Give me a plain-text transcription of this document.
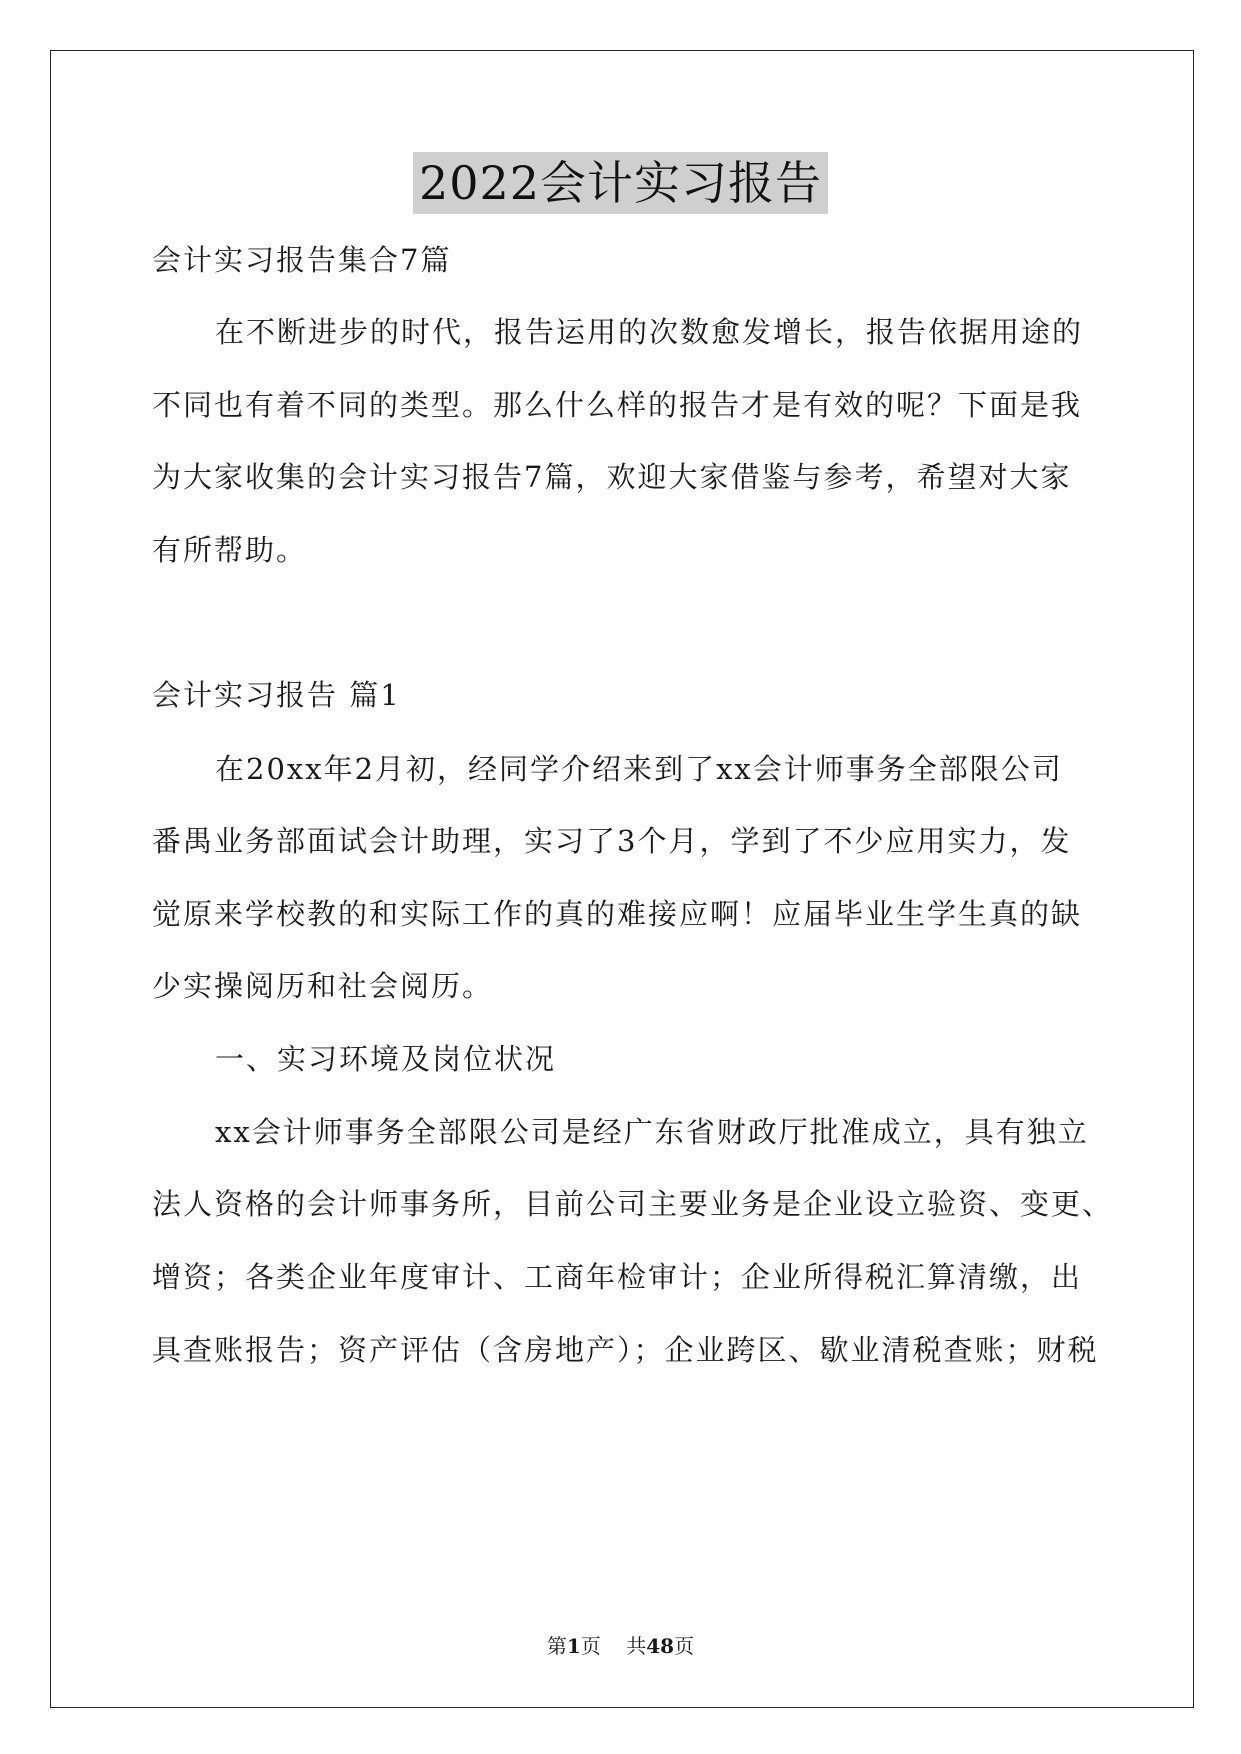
2022会计实习报告
会计实习报告集合7篇
在不断进步的时代，报告运用的次数愈发增长，报告依据用途的
不同也有着不同的类型。那么什么样的报告才是有效的呢？下面是我
为大家收集的会计实习报告7篇，欢迎大家借鉴与参考，希望对大家
有所帮助。
会计实习报告 篇1
在20xx年2月初，经同学介绍来到了xx会计师事务全部限公司
番禺业务部面试会计助理，实习了3个月，学到了不少应用实力，发
觉原来学校教的和实际工作的真的难接应啊！应届毕业生学生真的缺
少实操阅历和社会阅历。
一、实习环境及岗位状况
xx会计师事务全部限公司是经广东省财政厅批准成立，具有独立
法人资格的会计师事务所，目前公司主要业务是企业设立验资、变更、
增资；各类企业年度审计、工商年检审计；企业所得税汇算清缴，出
具查账报告；资产评估（含房地产）；企业跨区、歇业清税查账；财税
第1页 共48页
